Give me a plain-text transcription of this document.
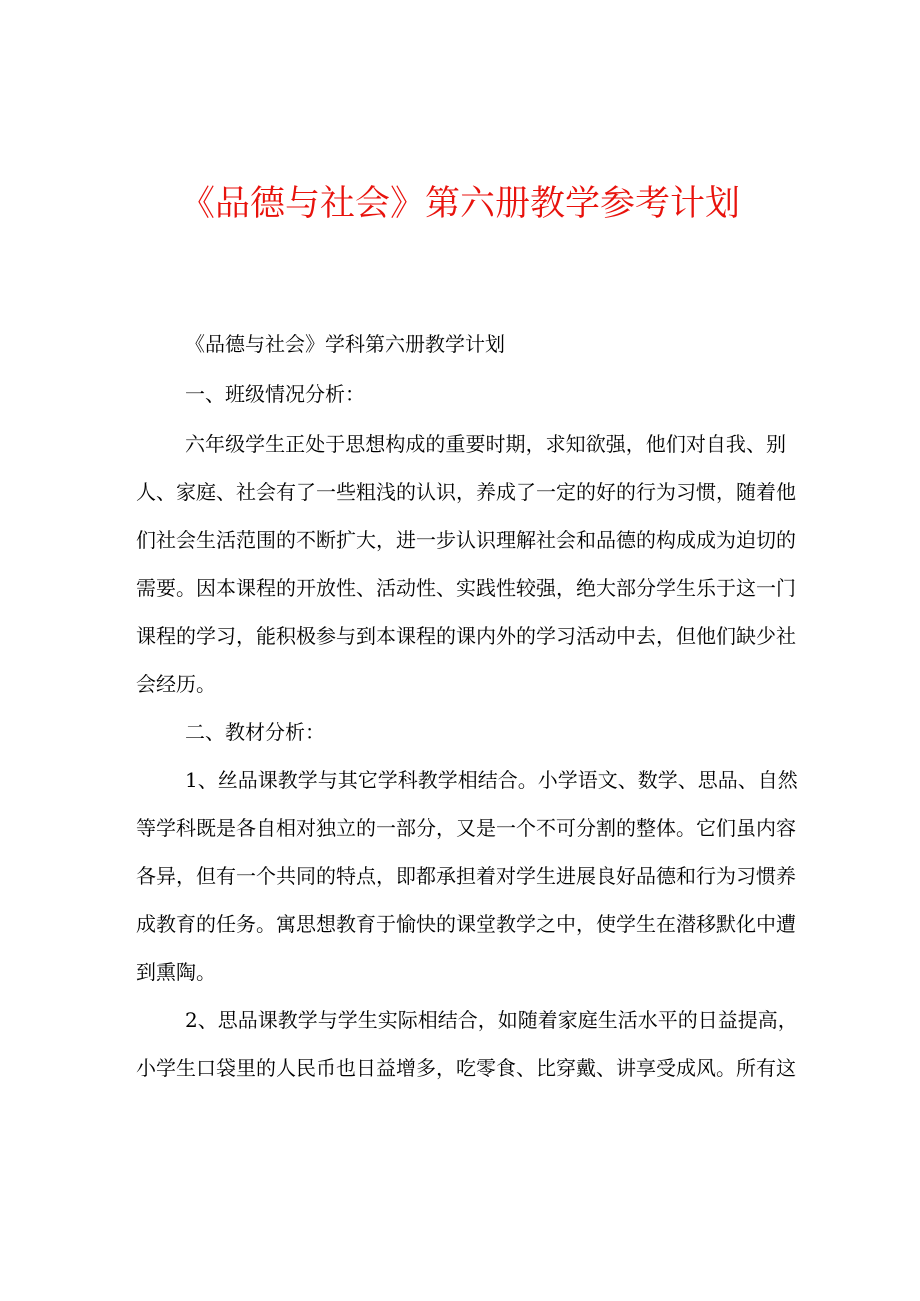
《品德与社会》第六册教学参考计划
《品德与社会》学科第六册教学计划
一、班级情况分析：
六年级学生正处于思想构成的重要时期，求知欲强，他们对自我、别
人、家庭、社会有了一些粗浅的认识，养成了一定的好的行为习惯，随着他
们社会生活范围的不断扩大，进一步认识理解社会和品德的构成成为迫切的
需要。因本课程的开放性、活动性、实践性较强，绝大部分学生乐于这一门
课程的学习，能积极参与到本课程的课内外的学习活动中去，但他们缺少社
会经历。
二、教材分析：
1、丝品课教学与其它学科教学相结合。小学语文、数学、思品、自然
等学科既是各自相对独立的一部分，又是一个不可分割的整体。它们虽内容
各异，但有一个共同的特点，即都承担着对学生进展良好品德和行为习惯养
成教育的任务。寓思想教育于愉快的课堂教学之中，使学生在潜移默化中遭
到熏陶。
2、思品课教学与学生实际相结合，如随着家庭生活水平的日益提高，
小学生口袋里的人民币也日益增多，吃零食、比穿戴、讲享受成风。所有这
